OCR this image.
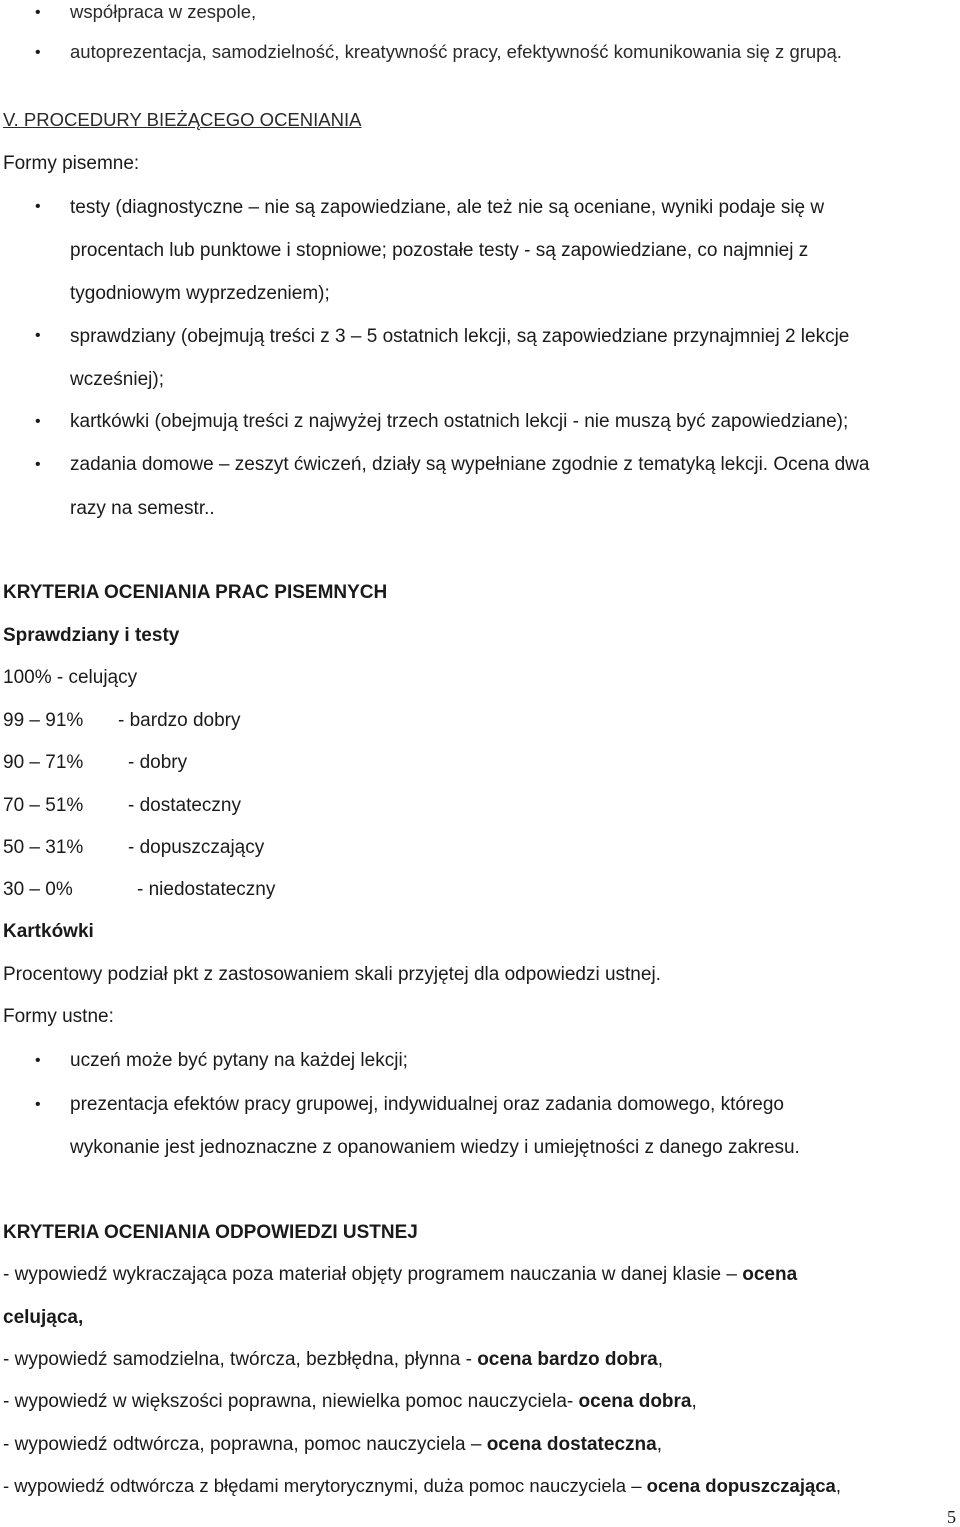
• współpraca w zespole,
• autoprezentacja, samodzielność, kreatywność pracy, efektywność komunikowania się z grupą.
V. PROCEDURY BIEŻĄCEGO OCENIANIA
Formy pisemne:
• testy (diagnostyczne – nie są zapowiedziane, ale też nie są oceniane, wyniki podaje się w
procentach lub punktowe i stopniowe; pozostałe testy - są zapowiedziane, co najmniej z
tygodniowym wyprzedzeniem);
• sprawdziany (obejmują treści z 3 – 5 ostatnich lekcji, są zapowiedziane przynajmniej 2 lekcje
wcześniej);
• kartkówki (obejmują treści z najwyżej trzech ostatnich lekcji - nie muszą być zapowiedziane);
• zadania domowe – zeszyt ćwiczeń, działy są wypełniane zgodnie z tematyką lekcji. Ocena dwa
razy na semestr..
KRYTERIA OCENIANIA PRAC PISEMNYCH
Sprawdziany i testy
100% - celujący
99 – 91% - bardzo dobry
90 – 71% - dobry
70 – 51% - dostateczny
50 – 31% - dopuszczający
30 – 0%	- niedostateczny
Kartkówki
Procentowy podział pkt z zastosowaniem skali przyjętej dla odpowiedzi ustnej.
Formy ustne:
• uczeń może być pytany na każdej lekcji;
• prezentacja efektów pracy grupowej, indywidualnej oraz zadania domowego, którego
wykonanie jest jednoznaczne z opanowaniem wiedzy i umiejętności z danego zakresu.
KRYTERIA OCENIANIA ODPOWIEDZI USTNEJ
- wypowiedź wykraczająca poza materiał objęty programem nauczania w danej klasie – ocena
celująca,
- wypowiedź samodzielna, twórcza, bezbłędna, płynna - ocena bardzo dobra,
- wypowiedź w większości poprawna, niewielka pomoc nauczyciela- ocena dobra,
- wypowiedź odtwórcza, poprawna, pomoc nauczyciela – ocena dostateczna,
- wypowiedź odtwórcza z błędami merytorycznymi, duża pomoc nauczyciela – ocena dopuszczająca,
5
